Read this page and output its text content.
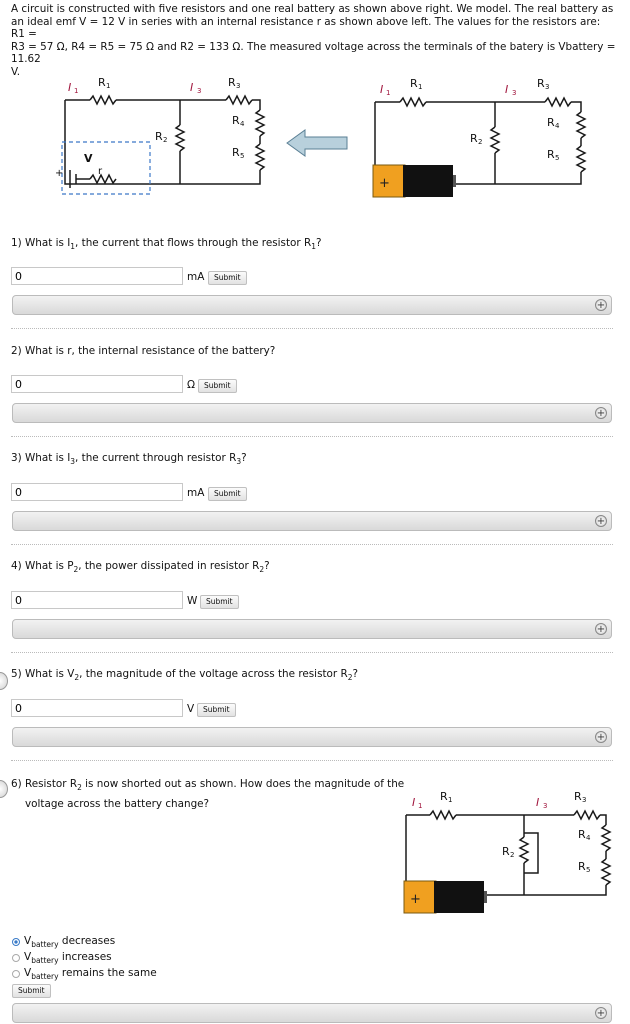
A circuit is constructed with five resistors and one real battery as shown above right. We model. The real battery as
an ideal emf V = 12 V in series with an internal resistance r as shown above left. The values for the resistors are: R1 =
R3 = 57 Ω, R4 = R5 = 75 Ω and R2 = 133 Ω. The measured voltage across the terminals of the batery is Vbattery = 11.62
V.
I 1
R 1	I 3
R 3
R 4
R 5
R 2
V
r
+
+
I 1
R 1	I 3
R 3
R 4
R 5
R 2
1) What is $I_1$, the current that flows through the resistor $R_1$?
0
mA	Submit
+
2) What is r, the internal resistance of the battery?
0
Ω	Submit
+
3) What is $I_3$, the current through resistor $R_3$?
0
mA	Submit
+
4) What is $P_2$, the power dissipated in resistor $R_2$?
0
W	Submit
+
5) What is $V_2$, the magnitude of the voltage across the resistor $R_2$?
0
V	Submit
+
6) Resistor $R_2$ is now shorted out as shown. How does the magnitude of the
voltage across the battery change?
+
I 1
R 1	I 3
R 3
R 4
R 5
R 2
$V_{battery}$ decreases
$V_{battery}$ increases
$V_{battery}$ remains the same
Submit
+
